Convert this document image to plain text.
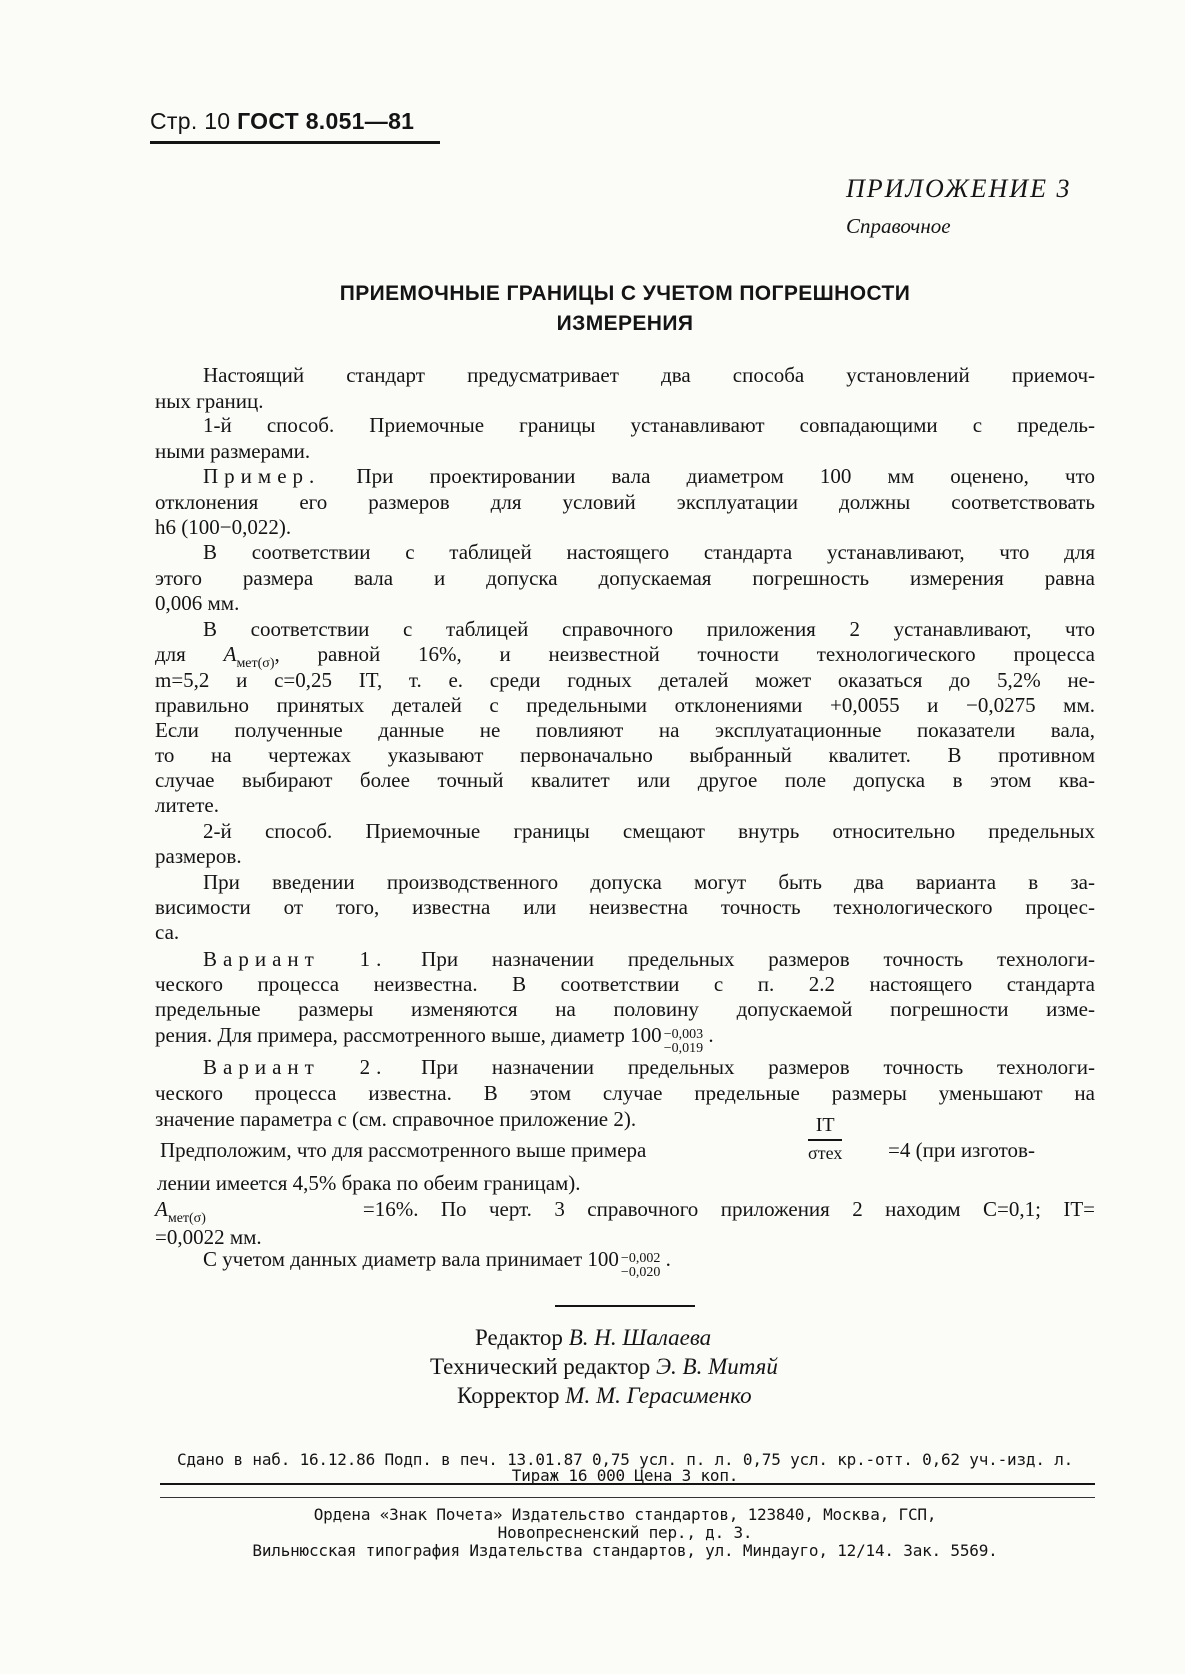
Стр. 10 ГОСТ 8.051—81
ПРИЛОЖЕНИЕ 3
Справочное
ПРИЕМОЧНЫЕ ГРАНИЦЫ С УЧЕТОМ ПОГРЕШНОСТИ
ИЗМЕРЕНИЯ
Настоящий стандарт предусматривает два способа установлений приемоч-
ных границ.
1-й способ. Приемочные границы устанавливают совпадающими с предель-
ными размерами.
Пример. При проектировании вала диаметром 100 мм оценено, что
отклонения его размеров для условий эксплуатации должны соответствовать
h6 (100−0,022).
В соответствии с таблицей настоящего стандарта устанавливают, что для
этого размера вала и допуска допускаемая погрешность измерения равна
0,006 мм.
В соответствии с таблицей справочного приложения 2 устанавливают, что
для $A_{мет(\sigma)}$, равной 16%, и неизвестной точности технологического процесса
m=5,2 и c=0,25 IT, т. е. среди годных деталей может оказаться до 5,2% не-
правильно принятых деталей с предельными отклонениями +0,0055 и −0,0275 мм.
Если полученные данные не повлияют на эксплуатационные показатели вала,
то на чертежах указывают первоначально выбранный квалитет. В противном
случае выбирают более точный квалитет или другое поле допуска в этом ква-
литете.
2-й способ. Приемочные границы смещают внутрь относительно предельных
размеров.
При введении производственного допуска могут быть два варианта в за-
висимости от того, известна или неизвестна точность технологического процес-
са.
Вариант 1. При назначении предельных размеров точность технологи-
ческого процесса неизвестна. В соответствии с п. 2.2 настоящего стандарта
предельные размеры изменяются на половину допускаемой погрешности изме-
рения. Для примера, рассмотренного выше, диаметр 100 −0,003
−0,019
.
Вариант 2. При назначении предельных размеров точность технологи-
ческого процесса известна. В этом случае предельные размеры уменьшают на
значение параметра c (см. справочное приложение 2).
Предположим, что для рассмотренного выше примера
IT
σтех =4 (при изготов-
лении имеется 4,5% брака по обеим границам).
$A_{мет(\sigma)}$	=16%. По черт. 3 справочного приложения 2 находим C=0,1; IT=
=0,0022 мм.
С учетом данных диаметр вала принимает 100 −0,002
−0,020
.
Редактор В. Н. Шалаева
Технический редактор Э. В. Митяй
Корректор М. М. Герасименко
Сдано в наб. 16.12.86 Подп. в печ. 13.01.87 0,75 усл. п. л. 0,75 усл. кр.-отт. 0,62 уч.-изд. л.
Тираж 16 000 Цена 3 коп.
Ордена «Знак Почета» Издательство стандартов, 123840, Москва, ГСП,
Новопресненский пер., д. 3.
Вильнюсская типография Издательства стандартов, ул. Миндауго, 12/14. Зак. 5569.
